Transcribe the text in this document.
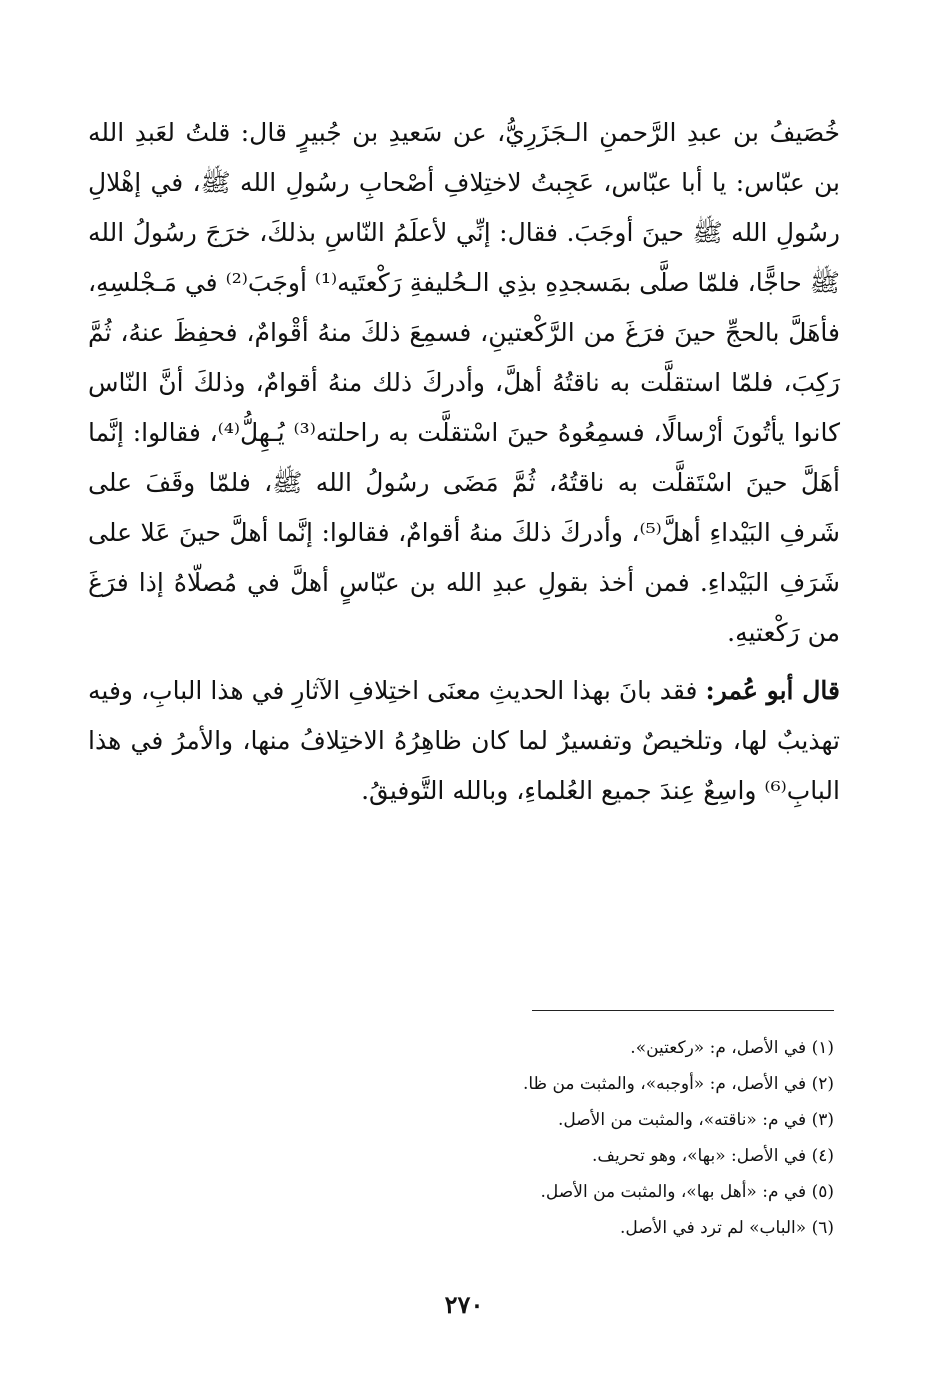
خُصَيفُ بن عبدِ الرَّحمنِ الـجَزَرِيُّ، عن سَعيدِ بن جُبيرٍ قال: قلتُ لعَبدِ الله بن عبّاس: يا أبا عبّاس، عَجِبتُ لاختِلافِ أصْحابِ رسُولِ الله ﷺ، في إهْلالِ رسُولِ الله ﷺ حينَ أوجَبَ. فقال: إنِّي لأعلَمُ النّاسِ بذلكَ، خرَجَ رسُولُ الله ﷺ حاجًّا، فلمّا صلَّى بمَسجدِهِ بذِي الـحُليفةِ رَكْعتَيه⁽¹⁾ أوجَبَ⁽²⁾ في مَـجْلسِهِ، فأهَلَّ بالحجِّ حينَ فرَغَ من الرَّكْعتينِ، فسمِعَ ذلكَ منهُ أقْوامٌ، فحفِظَ عنهُ، ثُمَّ رَكِبَ، فلمّا استقلَّت به ناقتُهُ أهلَّ، وأدركَ ذلك منهُ أقوامٌ، وذلكَ أنَّ النّاس كانوا يأتُونَ أرْسالًا، فسمِعُوهُ حينَ اسْتقلَّت به راحلته⁽³⁾ يُـهِلُّ⁽⁴⁾، فقالوا: إنَّما أهَلَّ حينَ اسْتَقلَّت به ناقتُهُ، ثُمَّ مَضَى رسُولُ الله ﷺ، فلمّا وقَفَ على شَرفِ البَيْداءِ أهلَّ⁽⁵⁾، وأدركَ ذلكَ منهُ أقوامٌ، فقالوا: إنَّما أهلَّ حينَ عَلا على شَرَفِ البَيْداءِ. فمن أخذ بقولِ عبدِ الله بن عبّاسٍ أهلَّ في مُصلّاهُ إذا فرَغَ من رَكْعتيهِ.

قال أبو عُمر: فقد بانَ بهذا الحديثِ معنَى اختِلافِ الآثارِ في هذا البابِ، وفيه تهذيبٌ لها، وتلخيصٌ وتفسيرٌ لما كان ظاهِرُهُ الاختِلافُ منها، والأمرُ في هذا البابِ⁽⁶⁾ واسِعٌ عِندَ جميع العُلماءِ، وبالله التَّوفيقُ.

(١) في الأصل، م: «ركعتين».
(٢) في الأصل، م: «أوجبه»، والمثبت من ظا.
(٣) في م: «ناقته»، والمثبت من الأصل.
(٤) في الأصل: «بها»، وهو تحريف.
(٥) في م: «أهل بها»، والمثبت من الأصل.
(٦) «الباب» لم ترد في الأصل.
٢٧٠
